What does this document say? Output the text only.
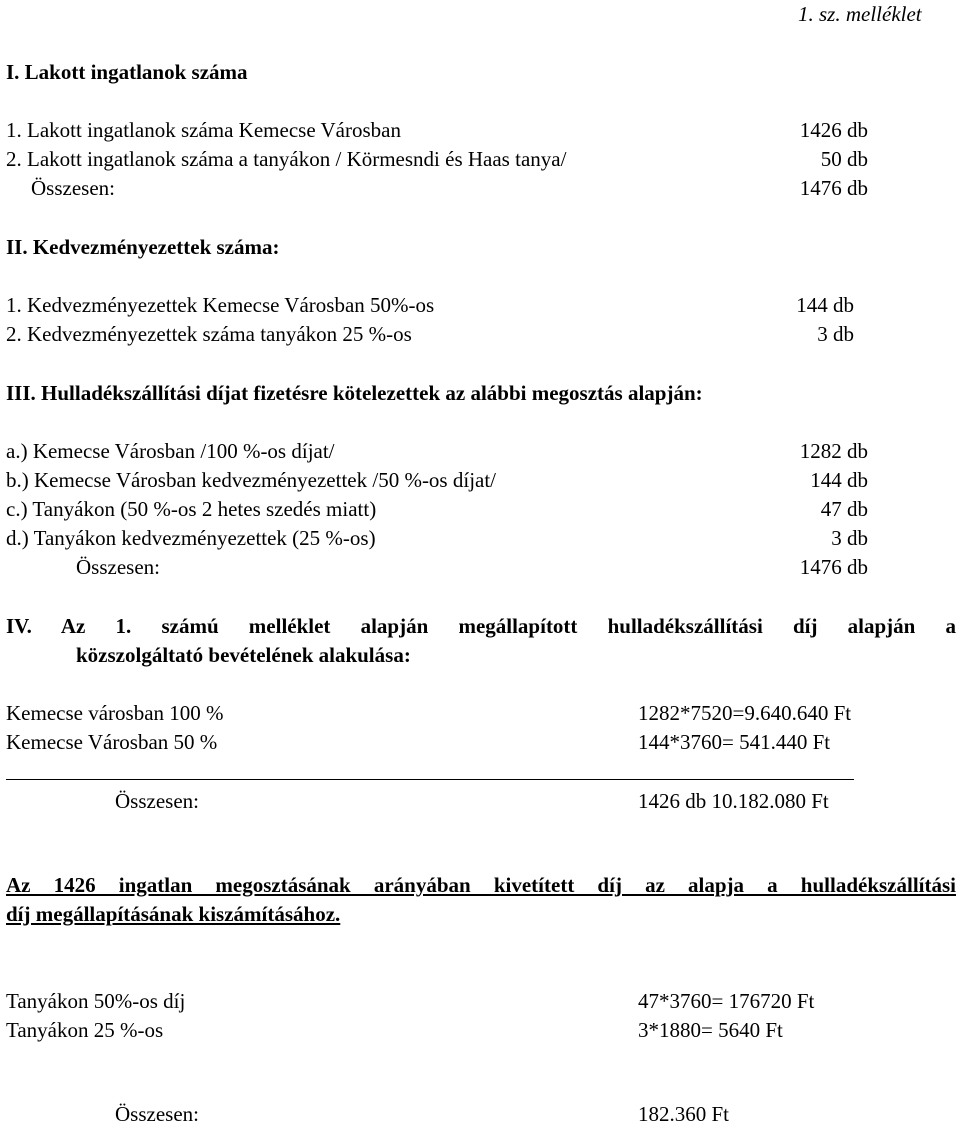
1. sz. melléklet
I. Lakott ingatlanok száma
1. Lakott ingatlanok száma Kemecse Városban	1426 db
2. Lakott ingatlanok száma a tanyákon / Körmesndi és Haas tanya/	50 db
Összesen:	1476 db
II. Kedvezményezettek száma:
1. Kedvezményezettek Kemecse Városban 50%-os	144 db
2. Kedvezményezettek száma tanyákon 25 %-os	3 db
III. Hulladékszállítási díjat fizetésre kötelezettek az alábbi megosztás alapján:
a.) Kemecse Városban /100 %-os díjat/	1282 db
b.) Kemecse Városban kedvezményezettek /50 %-os díjat/	144 db
c.) Tanyákon (50 %-os 2 hetes szedés miatt)	47 db
d.) Tanyákon kedvezményezettek (25 %-os)	3 db
Összesen:	1476 db
IV. Az 1. számú melléklet alapján megállapított hulladékszállítási díj alapján a
közszolgáltató bevételének alakulása:
Kemecse városban 100 %	1282*7520=9.640.640 Ft
Kemecse Városban 50 %	144*3760= 541.440 Ft
Összesen:	1426 db 10.182.080 Ft
Az 1426 ingatlan megosztásának arányában kivetített díj az alapja a hulladékszállítási
díj megállapításának kiszámításához.
Tanyákon 50%-os díj	47*3760= 176720 Ft
Tanyákon 25 %-os	3*1880= 5640 Ft
Összesen:	182.360 Ft
